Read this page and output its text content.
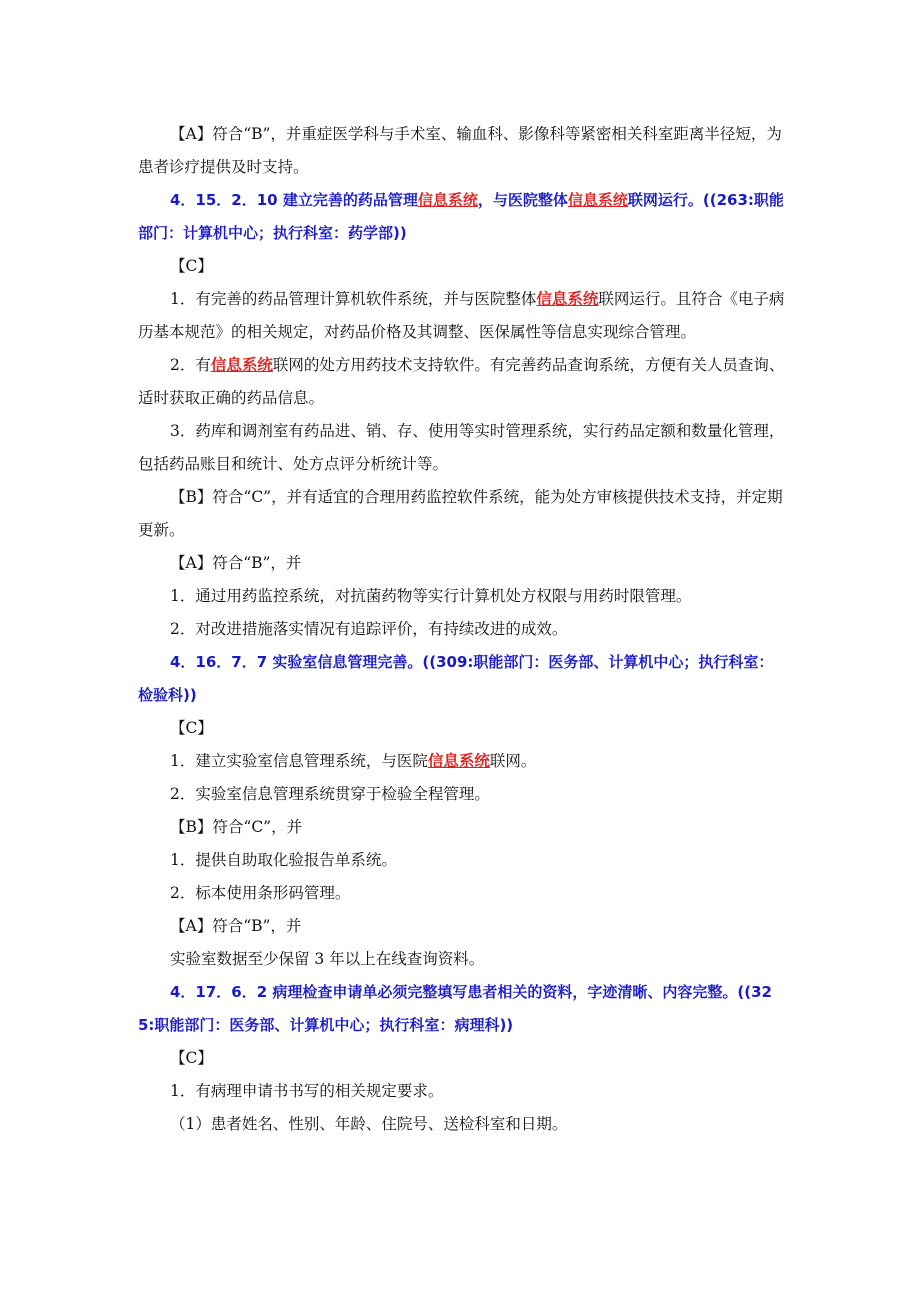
【A】符合“B”，并重症医学科与手术室、输血科、影像科等紧密相关科室距离半径短，为患者诊疗提供及时支持。

4．15．2．10 建立完善的药品管理信息系统，与医院整体信息系统联网运行。((263:职能部门：计算机中心；执行科室：药学部))

【C】

1．有完善的药品管理计算机软件系统，并与医院整体信息系统联网运行。且符合《电子病历基本规范》的相关规定，对药品价格及其调整、医保属性等信息实现综合管理。

2．有信息系统联网的处方用药技术支持软件。有完善药品查询系统，方便有关人员查询、适时获取正确的药品信息。

3．药库和调剂室有药品进、销、存、使用等实时管理系统，实行药品定额和数量化管理，包括药品账目和统计、处方点评分析统计等。

【B】符合“C”，并有适宜的合理用药监控软件系统，能为处方审核提供技术支持，并定期更新。

【A】符合“B”，并

1．通过用药监控系统，对抗菌药物等实行计算机处方权限与用药时限管理。

2．对改进措施落实情况有追踪评价，有持续改进的成效。

4．16．7．7 实验室信息管理完善。((309:职能部门：医务部、计算机中心；执行科室：检验科))

【C】

1．建立实验室信息管理系统，与医院信息系统联网。

2．实验室信息管理系统贯穿于检验全程管理。

【B】符合“C”，并

1．提供自助取化验报告单系统。

2．标本使用条形码管理。

【A】符合“B”，并

实验室数据至少保留 3 年以上在线查询资料。

4．17．6．2 病理检查申请单必须完整填写患者相关的资料，字迹清晰、内容完整。((325:职能部门：医务部、计算机中心；执行科室：病理科))

【C】

1．有病理申请书书写的相关规定要求。

（1）患者姓名、性别、年龄、住院号、送检科室和日期。
